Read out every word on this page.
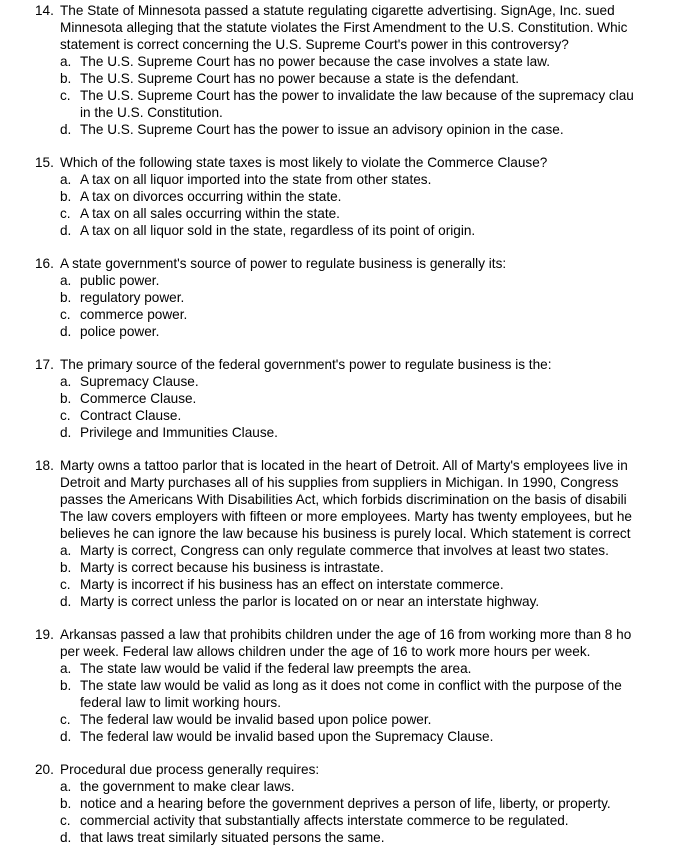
14. The State of Minnesota passed a statute regulating cigarette advertising. SignAge, Inc. sued
Minnesota alleging that the statute violates the First Amendment to the U.S. Constitution. Whic
statement is correct concerning the U.S. Supreme Court's power in this controversy?
a. The U.S. Supreme Court has no power because the case involves a state law.
b. The U.S. Supreme Court has no power because a state is the defendant.
c. The U.S. Supreme Court has the power to invalidate the law because of the supremacy clau
in the U.S. Constitution.
d. The U.S. Supreme Court has the power to issue an advisory opinion in the case.
15. Which of the following state taxes is most likely to violate the Commerce Clause?
a. A tax on all liquor imported into the state from other states.
b. A tax on divorces occurring within the state.
c. A tax on all sales occurring within the state.
d. A tax on all liquor sold in the state, regardless of its point of origin.
16. A state government's source of power to regulate business is generally its:
a. public power.
b. regulatory power.
c. commerce power.
d. police power.
17. The primary source of the federal government's power to regulate business is the:
a. Supremacy Clause.
b. Commerce Clause.
c. Contract Clause.
d. Privilege and Immunities Clause.
18. Marty owns a tattoo parlor that is located in the heart of Detroit. All of Marty's employees live in
Detroit and Marty purchases all of his supplies from suppliers in Michigan. In 1990, Congress
passes the Americans With Disabilities Act, which forbids discrimination on the basis of disabili
The law covers employers with fifteen or more employees. Marty has twenty employees, but he
believes he can ignore the law because his business is purely local. Which statement is correct
a. Marty is correct, Congress can only regulate commerce that involves at least two states.
b. Marty is correct because his business is intrastate.
c. Marty is incorrect if his business has an effect on interstate commerce.
d. Marty is correct unless the parlor is located on or near an interstate highway.
19. Arkansas passed a law that prohibits children under the age of 16 from working more than 8 ho
per week. Federal law allows children under the age of 16 to work more hours per week.
a. The state law would be valid if the federal law preempts the area.
b. The state law would be valid as long as it does not come in conflict with the purpose of the
federal law to limit working hours.
c. The federal law would be invalid based upon police power.
d. The federal law would be invalid based upon the Supremacy Clause.
20. Procedural due process generally requires:
a. the government to make clear laws.
b. notice and a hearing before the government deprives a person of life, liberty, or property.
c. commercial activity that substantially affects interstate commerce to be regulated.
d. that laws treat similarly situated persons the same.
